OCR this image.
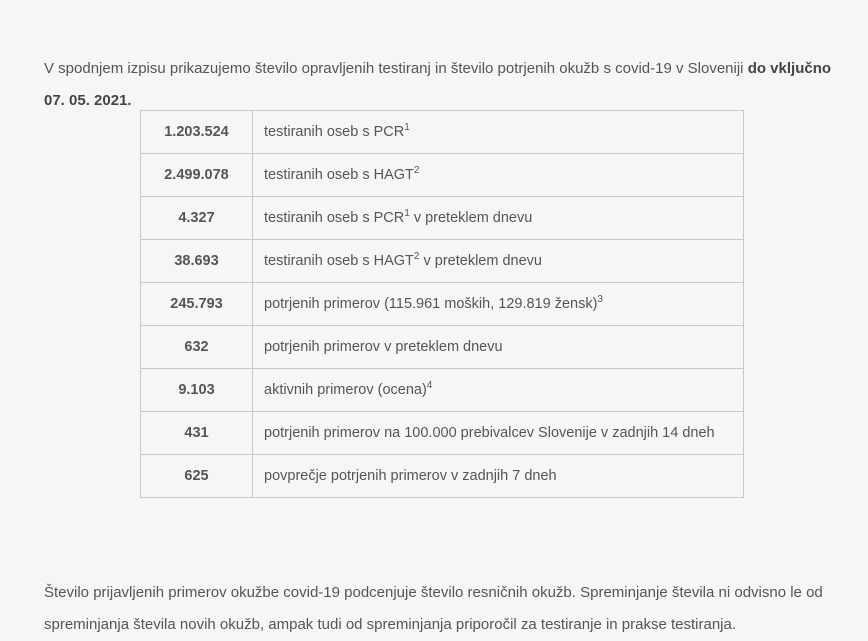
V spodnjem izpisu prikazujemo število opravljenih testiranj in število potrjenih okužb s covid-19 v Sloveniji do vključno 07. 05. 2021.

1.203.524	testiranih oseb s PCR$^1$
2.499.078	testiranih oseb s HAGT$^2$
4.327	testiranih oseb s PCR$^1$ v preteklem dnevu
38.693	testiranih oseb s HAGT$^2$ v preteklem dnevu
245.793	potrjenih primerov (115.961 moških, 129.819 žensk)$^3$
632	potrjenih primerov v preteklem dnevu
9.103	aktivnih primerov (ocena)$^4$
431	potrjenih primerov na 100.000 prebivalcev Slovenije v zadnjih 14 dneh
625	povprečje potrjenih primerov v zadnjih 7 dneh

Število prijavljenih primerov okužbe covid-19 podcenjuje število resničnih okužb. Spreminjanje števila ni odvisno le od spreminjanja števila novih okužb, ampak tudi od spreminjanja priporočil za testiranje in prakse testiranja.
